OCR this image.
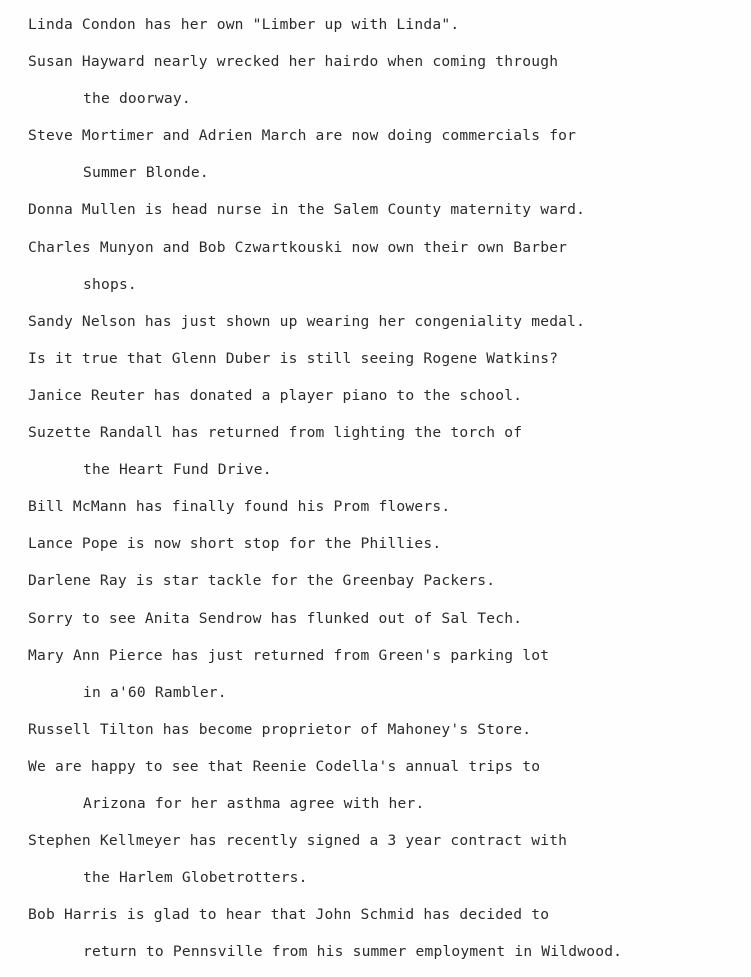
Linda Condon has her own "Limber up with Linda".
Susan Hayward nearly wrecked her hairdo when coming through
the doorway.
Steve Mortimer and Adrien March are now doing commercials for
Summer Blonde.
Donna Mullen is head nurse in the Salem County maternity ward.
Charles Munyon and Bob Czwartkouski now own their own Barber
shops.
Sandy Nelson has just shown up wearing her congeniality medal.
Is it true that Glenn Duber is still seeing Rogene Watkins?
Janice Reuter has donated a player piano to the school.
Suzette Randall has returned from lighting the torch of
the Heart Fund Drive.
Bill McMann has finally found his Prom flowers.
Lance Pope is now short stop for the Phillies.
Darlene Ray is star tackle for the Greenbay Packers.
Sorry to see Anita Sendrow has flunked out of Sal Tech.
Mary Ann Pierce has just returned from Green's parking lot
in a'60 Rambler.
Russell Tilton has become proprietor of Mahoney's Store.
We are happy to see that Reenie Codella's annual trips to
Arizona for her asthma agree with her.
Stephen Kellmeyer has recently signed a 3 year contract with
the Harlem Globetrotters.
Bob Harris is glad to hear that John Schmid has decided to
return to Pennsville from his summer employment in Wildwood.
